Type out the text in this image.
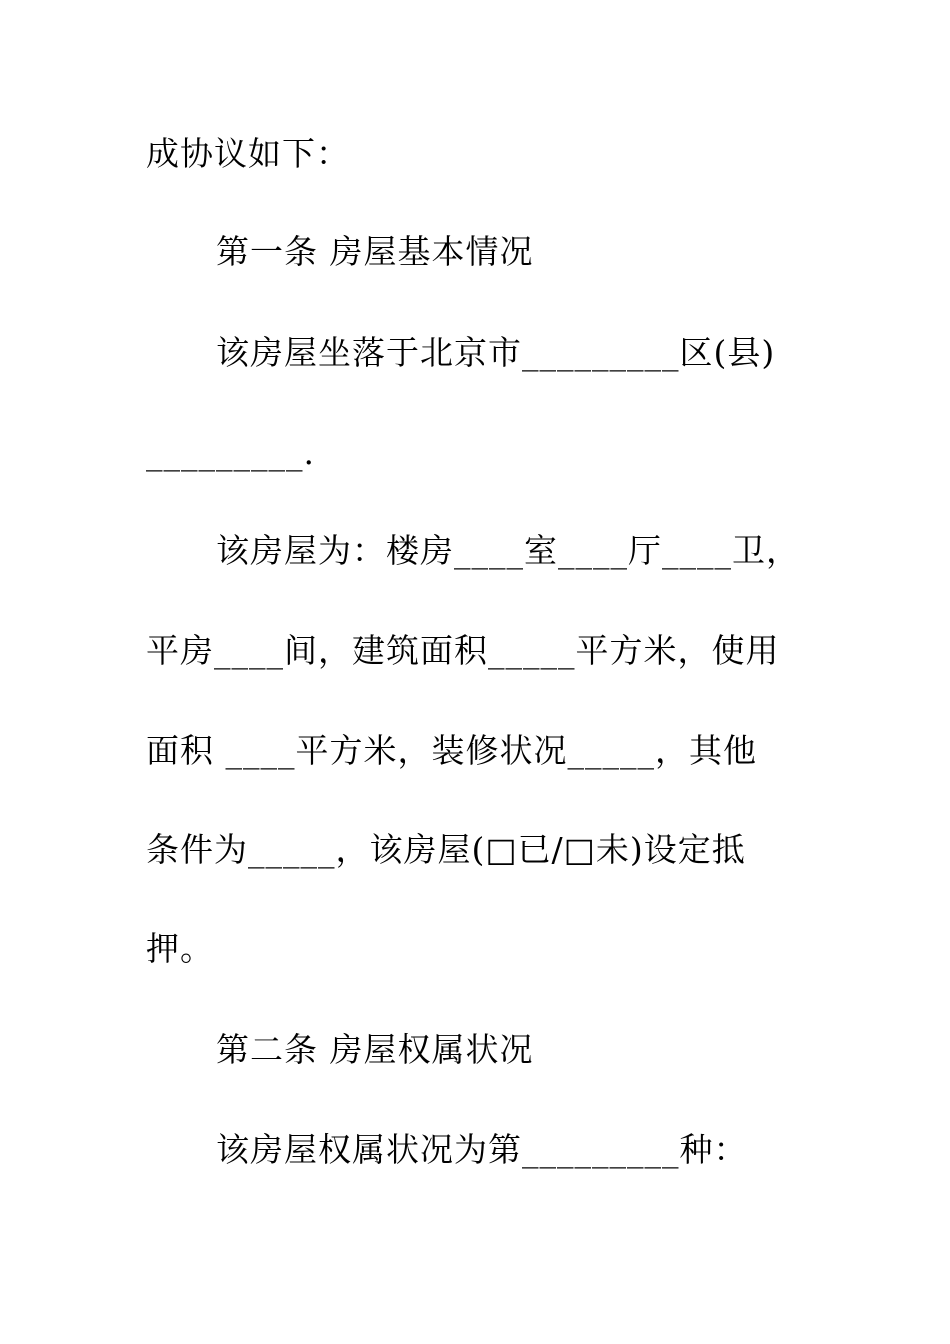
成协议如下：
第一条 房屋基本情况
该房屋坐落于北京市_________区(县)
_________.
该房屋为：楼房____室____厅____卫，
平房____间，建筑面积_____平方米，使用
面积 ____平方米，装修状况_____，其他
条件为_____，该房屋(□已/□未)设定抵
押。
第二条 房屋权属状况
该房屋权属状况为第_________种：
